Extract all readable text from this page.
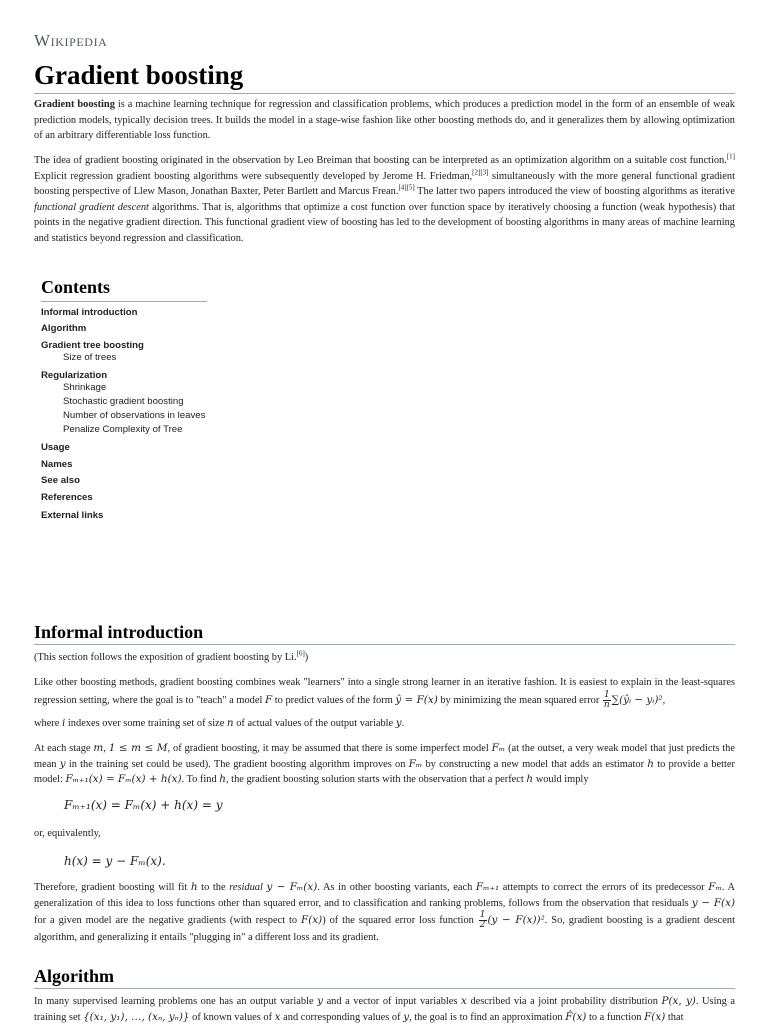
Wikipedia
Gradient boosting

Gradient boosting is a machine learning technique for regression and classification problems, which produces a prediction model in the form of an ensemble of weak prediction models, typically decision trees. It builds the model in a stage-wise fashion like other boosting methods do, and it generalizes them by allowing optimization of an arbitrary differentiable loss function.

The idea of gradient boosting originated in the observation by Leo Breiman that boosting can be interpreted as an optimization algorithm on a suitable cost function.[1] Explicit regression gradient boosting algorithms were subsequently developed by Jerome H. Friedman,[2][3] simultaneously with the more general functional gradient boosting perspective of Llew Mason, Jonathan Baxter, Peter Bartlett and Marcus Frean.[4][5] The latter two papers introduced the view of boosting algorithms as iterative functional gradient descent algorithms. That is, algorithms that optimize a cost function over function space by iteratively choosing a function (weak hypothesis) that points in the negative gradient direction. This functional gradient view of boosting has led to the development of boosting algorithms in many areas of machine learning and statistics beyond regression and classification.

Contents
Informal introduction
Algorithm
Gradient tree boosting
Size of trees
Regularization
Shrinkage
Stochastic gradient boosting
Number of observations in leaves
Penalize Complexity of Tree
Usage
Names
See also
References
External links
Informal introduction

(This section follows the exposition of gradient boosting by Li.[6])

Like other boosting methods, gradient boosting combines weak "learners" into a single strong learner in an iterative fashion. It is easiest to explain in the least-squares regression setting, where the goal is to "teach" a model F to predict values of the form ŷ = F(x) by minimizing the mean squared error $\frac{1}{n}$ ∑(ŷᵢ − yᵢ)²,

where i indexes over some training set of size n of actual values of the output variable y.

At each stage m, 1 ≤ m ≤ M, of gradient boosting, it may be assumed that there is some imperfect model Fₘ (at the outset, a very weak model that just predicts the mean y in the training set could be used). The gradient boosting algorithm improves on Fₘ by constructing a new model that adds an estimator h to provide a better model: Fₘ₊₁(x) = Fₘ(x) + h(x). To find h, the gradient boosting solution starts with the observation that a perfect h would imply

Fₘ₊₁(x) = Fₘ(x) + h(x) = y

or, equivalently,

h(x) = y − Fₘ(x).

Therefore, gradient boosting will fit h to the residual y − Fₘ(x). As in other boosting variants, each Fₘ₊₁ attempts to correct the errors of its predecessor Fₘ. A generalization of this idea to loss functions other than squared error, and to classification and ranking problems, follows from the observation that residuals y − F(x) for a given model are the negative gradients (with respect to F(x)) of the squared error loss function $\frac{1}{2} (y - F(x))^2$. So, gradient boosting is a gradient descent algorithm, and generalizing it entails "plugging in" a different loss and its gradient.

Algorithm

In many supervised learning problems one has an output variable y and a vector of input variables x described via a joint probability distribution P(x, y). Using a training set {(x₁, y₁), …, (xₙ, yₙ)} of known values of x and corresponding values of y, the goal is to find an approximation F̂(x) to a function F(x) that
